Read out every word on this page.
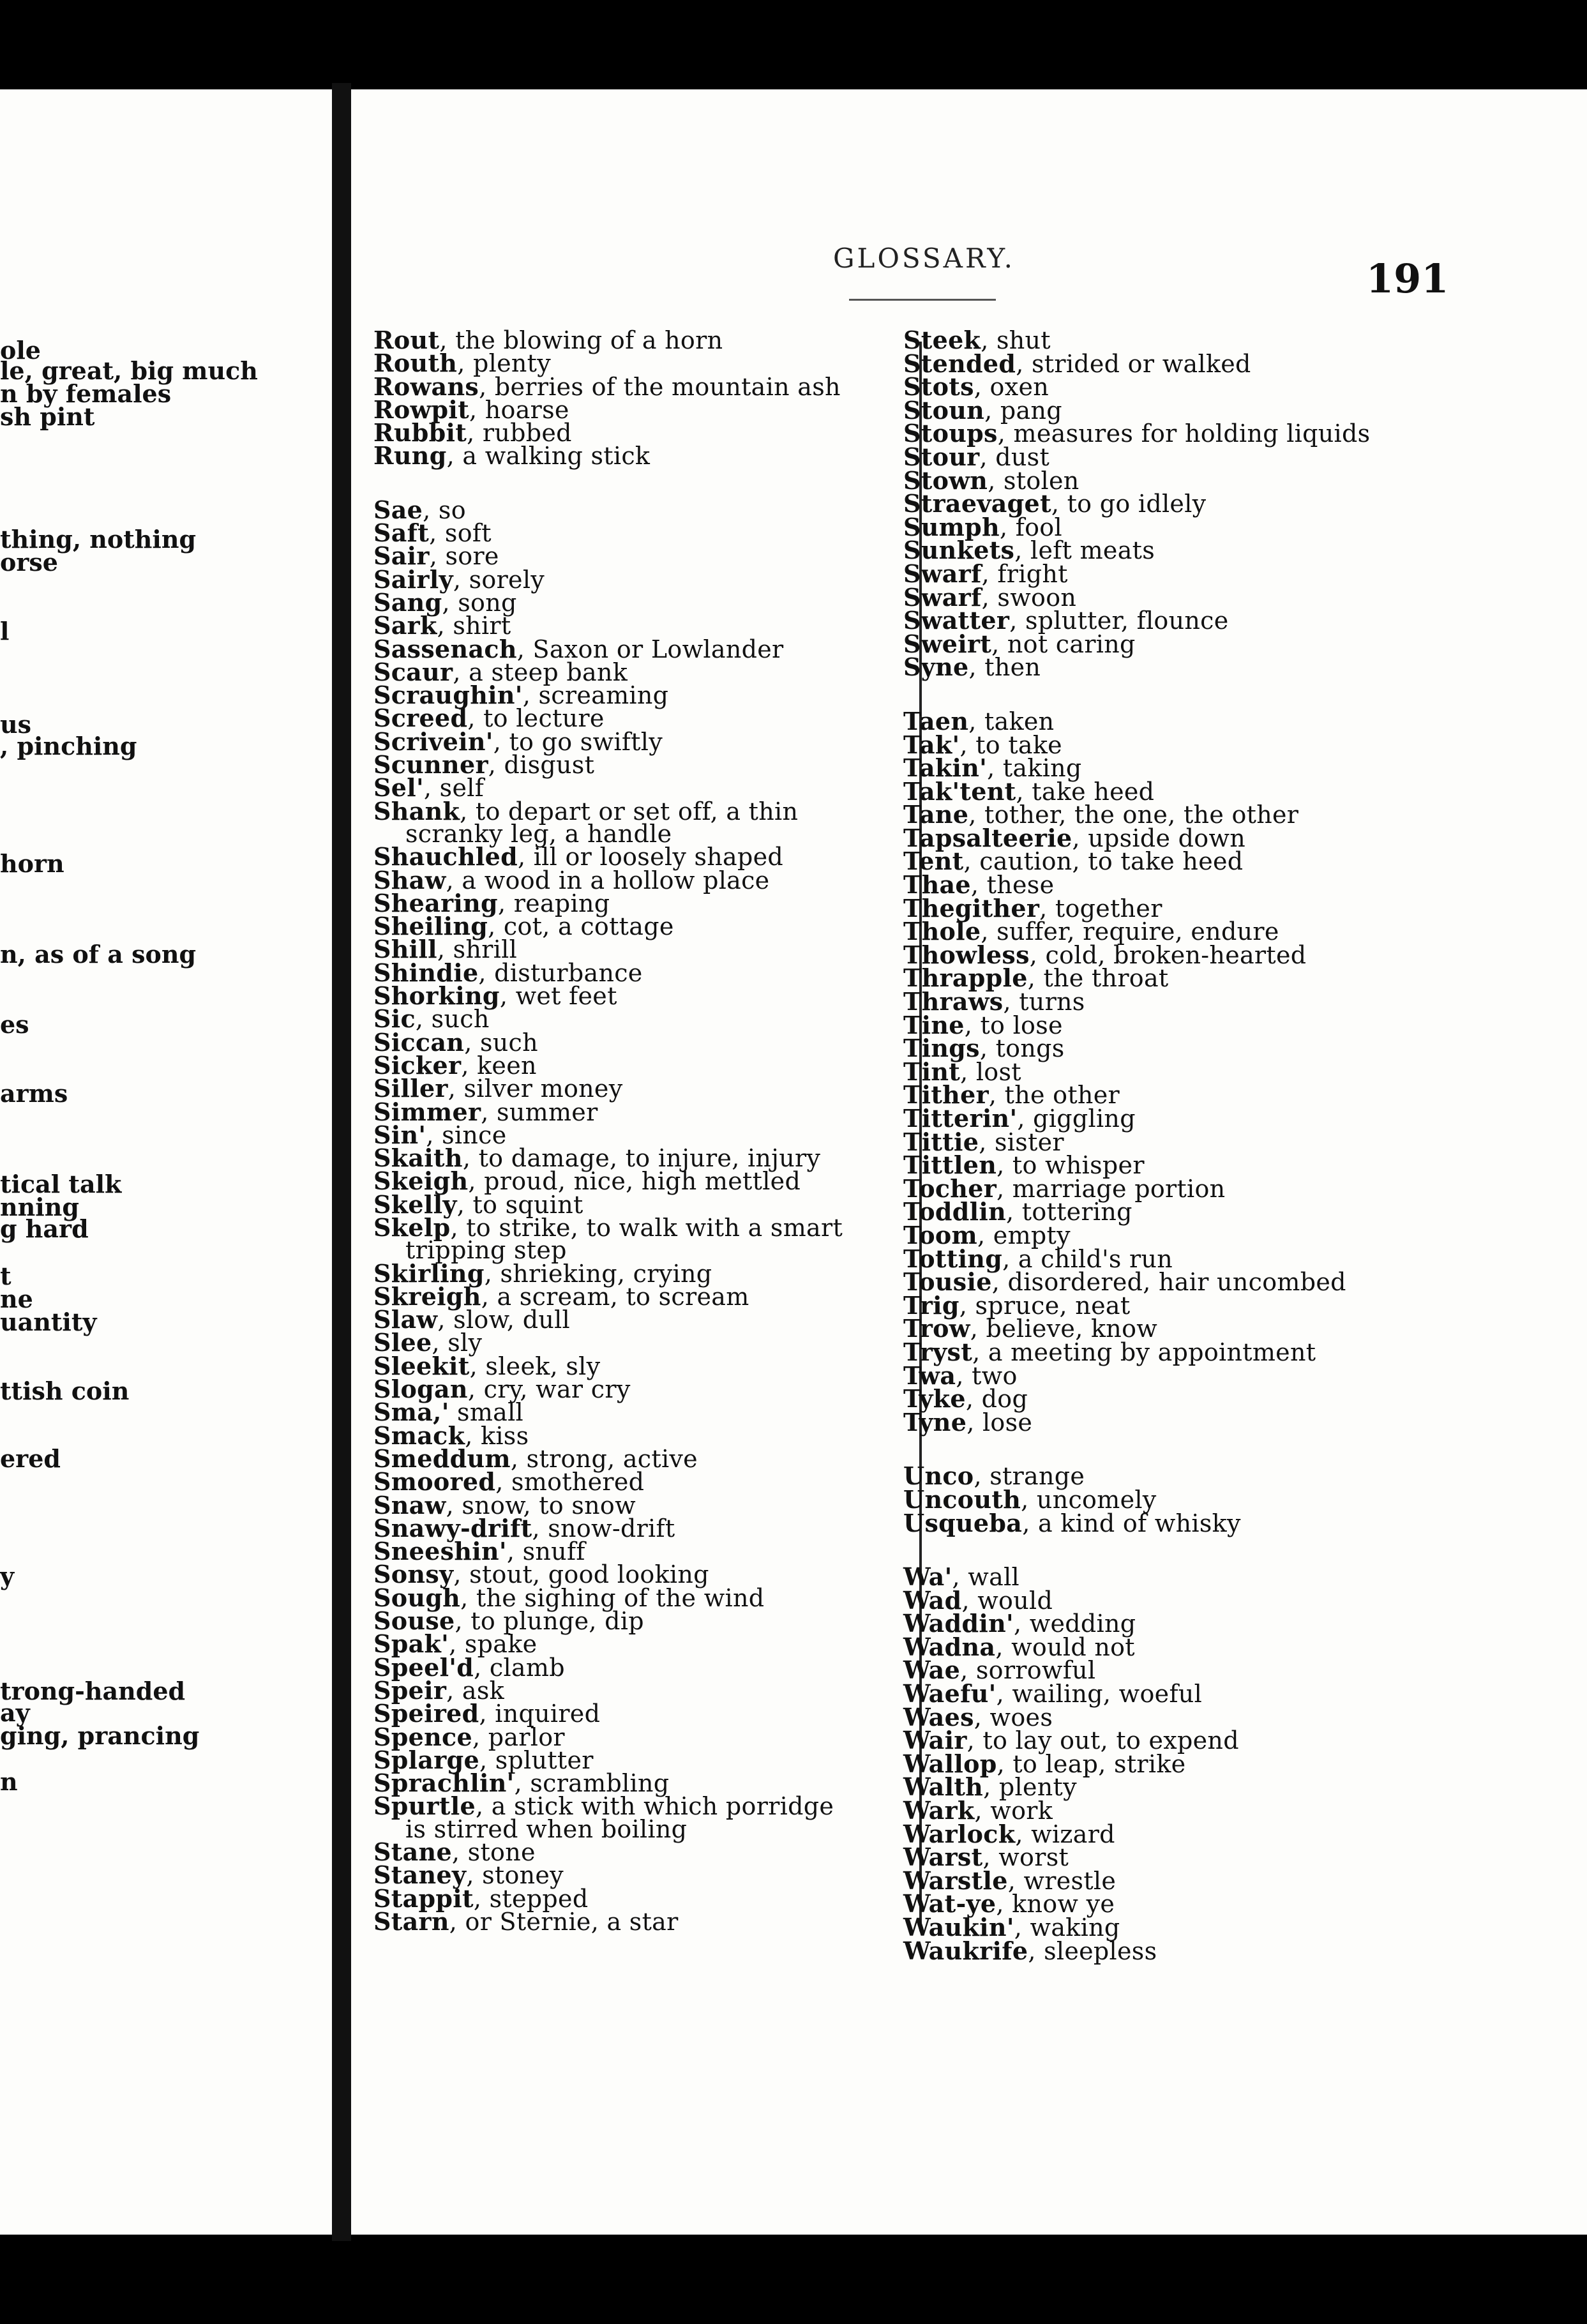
ole
le, great, big much
n by females
sh pint
thing, nothing
orse
l
us
, pinching
horn
n, as of a song
es
arms
tical talk
nning
g hard
t
ne
uantity
ttish coin
ered
y
trong-handed
ay
ging, prancing
n
GLOSSARY.	191
Rout, the blowing of a horn
Routh, plenty
Rowans, berries of the mountain ash
Rowpit, hoarse
Rubbit, rubbed
Rung, a walking stick
Sae, so
Saft, soft
Sair, sore
Sairly, sorely
Sang, song
Sark, shirt
Sassenach, Saxon or Lowlander
Scaur, a steep bank
Scraughin', screaming
Screed, to lecture
Scrivein', to go swiftly
Scunner, disgust
Sel', self
Shank, to depart or set off, a thin
scranky leg, a handle
Shauchled, ill or loosely shaped
Shaw, a wood in a hollow place
Shearing, reaping
Sheiling, cot, a cottage
Shill, shrill
Shindie, disturbance
Shorking, wet feet
Sic, such
Siccan, such
Sicker, keen
Siller, silver money
Simmer, summer
Sin', since
Skaith, to damage, to injure, injury
Skeigh, proud, nice, high mettled
Skelly, to squint
Skelp, to strike, to walk with a smart
tripping step
Skirling, shrieking, crying
Skreigh, a scream, to scream
Slaw, slow, dull
Slee, sly
Sleekit, sleek, sly
Slogan, cry, war cry
Sma,' small
Smack, kiss
Smeddum, strong, active
Smoored, smothered
Snaw, snow, to snow
Snawy-drift, snow-drift
Sneeshin', snuff
Sonsy, stout, good looking
Sough, the sighing of the wind
Souse, to plunge, dip
Spak', spake
Speel'd, clamb
Speir, ask
Speired, inquired
Spence, parlor
Splarge, splutter
Sprachlin', scrambling
Spurtle, a stick with which porridge
is stirred when boiling
Stane, stone
Staney, stoney
Stappit, stepped
Starn, or Sternie, a star
Steek, shut
Stended, strided or walked
Stots, oxen
Stoun, pang
Stoups, measures for holding liquids
Stour, dust
Stown, stolen
Straevaget, to go idlely
Sumph, fool
Sunkets, left meats
Swarf, fright
Swarf, swoon
Swatter, splutter, flounce
Sweirt, not caring
Syne, then
Taen, taken
Tak', to take
Takin', taking
Tak'tent, take heed
Tane, tother, the one, the other
Tapsalteerie, upside down
Tent, caution, to take heed
Thae, these
Thegither, together
Thole, suffer, require, endure
Thowless, cold, broken-hearted
Thrapple, the throat
Thraws, turns
Tine, to lose
Tings, tongs
Tint, lost
Tither, the other
Titterin', giggling
Tittie, sister
Tittlen, to whisper
Tocher, marriage portion
Toddlin, tottering
Toom, empty
Totting, a child's run
Tousie, disordered, hair uncombed
Trig, spruce, neat
Trow, believe, know
Tryst, a meeting by appointment
Twa, two
Tyke, dog
Tyne, lose
Unco, strange
Uncouth, uncomely
Usqueba, a kind of whisky
Wa', wall
Wad, would
Waddin', wedding
Wadna, would not
Wae, sorrowful
Waefu', wailing, woeful
Waes, woes
Wair, to lay out, to expend
Wallop, to leap, strike
Walth, plenty
Wark, work
Warlock, wizard
Warst, worst
Warstle, wrestle
Wat-ye, know ye
Waukin', waking
Waukrife, sleepless
